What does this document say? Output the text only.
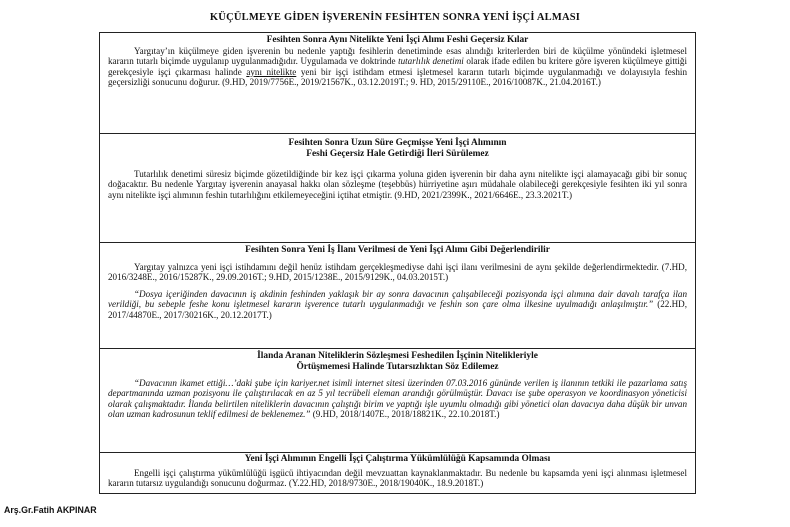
KÜÇÜLMEYE GİDEN İŞVERENİN FESİHTEN SONRA YENİ İŞÇİ ALMASI
Fesihten Sonra Aynı Nitelikte Yeni İşçi Alımı Feshi Geçersiz Kılar

Yargıtay’ın küçülmeye giden işverenin bu nedenle yaptığı fesihlerin denetiminde esas alındığı kriterlerden biri de küçülme yönündeki işletmesel kararın tutarlı biçimde uygulanıp uygulanmadığıdır. Uygulamada ve doktrinde tutarlılık denetimi olarak ifade edilen bu kritere göre işveren küçülmeye gittiği gerekçesiyle işçi çıkarması halinde aynı nitelikte yeni bir işçi istihdam etmesi işletmesel kararın tutarlı biçimde uygulanmadığı ve dolayısıyla feshin geçersizliği sonucunu doğurur. (9.HD, 2019/7756E., 2019/21567K., 03.12.2019T.; 9. HD, 2015/29110E., 2016/10087K., 21.04.2016T.)

Fesihten Sonra Uzun Süre Geçmişse Yeni İşçi Alımının
Feshi Geçersiz Hale Getirdiği İleri Sürülemez

Tutarlılık denetimi süresiz biçimde gözetildiğinde bir kez işçi çıkarma yoluna giden işverenin bir daha aynı nitelikte işçi alamayacağı gibi bir sonuç doğacaktır. Bu nedenle Yargıtay işverenin anayasal hakkı olan sözleşme (teşebbüs) hürriyetine aşırı müdahale olabileceği gerekçesiyle fesihten iki yıl sonra aynı nitelikte işçi alımının feshin tutarlılığını etkilemeyeceğini içtihat etmiştir. (9.HD, 2021/2399K., 2021/6646E., 23.3.2021T.)

Fesihten Sonra Yeni İş İlanı Verilmesi de Yeni İşçi Alımı Gibi Değerlendirilir

Yargıtay yalnızca yeni işçi istihdamını değil henüz istihdam gerçekleşmediyse dahi işçi ilanı verilmesini de aynı şekilde değerlendirmektedir. (7.HD, 2016/3248E., 2016/15287K., 29.09.2016T.; 9.HD, 2015/1238E., 2015/9129K., 04.03.2015T.)

“Dosya içeriğinden davacının iş akdinin feshinden yaklaşık bir ay sonra davacının çalışabileceği pozisyonda işçi alımına dair davalı tarafça ilan verildiği, bu sebeple feshe konu işletmesel kararın işverence tutarlı uygulanmadığı ve feshin son çare olma ilkesine uyulmadığı anlaşılmıştır.” (22.HD, 2017/44870E., 2017/30216K., 20.12.2017T.)

İlanda Aranan Niteliklerin Sözleşmesi Feshedilen İşçinin Nitelikleriyle
Örtüşmemesi Halinde Tutarsızlıktan Söz Edilemez

“Davacının ikamet ettiği…’daki şube için kariyer.net isimli internet sitesi üzerinden 07.03.2016 gününde verilen iş ilanının tetkiki ile pazarlama satış departmanında uzman pozisyonu ile çalıştırılacak en az 5 yıl tecrübeli eleman arandığı görülmüştür. Davacı ise şube operasyon ve koordinasyon yöneticisi olarak çalışmaktadır. İlanda belirtilen niteliklerin davacının çalıştığı birim ve yaptığı işle uyumlu olmadığı gibi yönetici olan davacıya daha düşük bir unvan olan uzman kadrosunun teklif edilmesi de beklenemez.” (9.HD, 2018/1407E., 2018/18821K., 22.10.2018T.)

Yeni İşçi Alımının Engelli İşçi Çalıştırma Yükümlülüğü Kapsamında Olması

Engelli işçi çalıştırma yükümlülüğü işgücü ihtiyacından değil mevzuattan kaynaklanmaktadır. Bu nedenle bu kapsamda yeni işçi alınması işletmesel kararın tutarsız uygulandığı sonucunu doğurmaz. (Y.22.HD, 2018/9730E., 2018/19040K., 18.9.2018T.)

Arş.Gr.Fatih AKPINAR
